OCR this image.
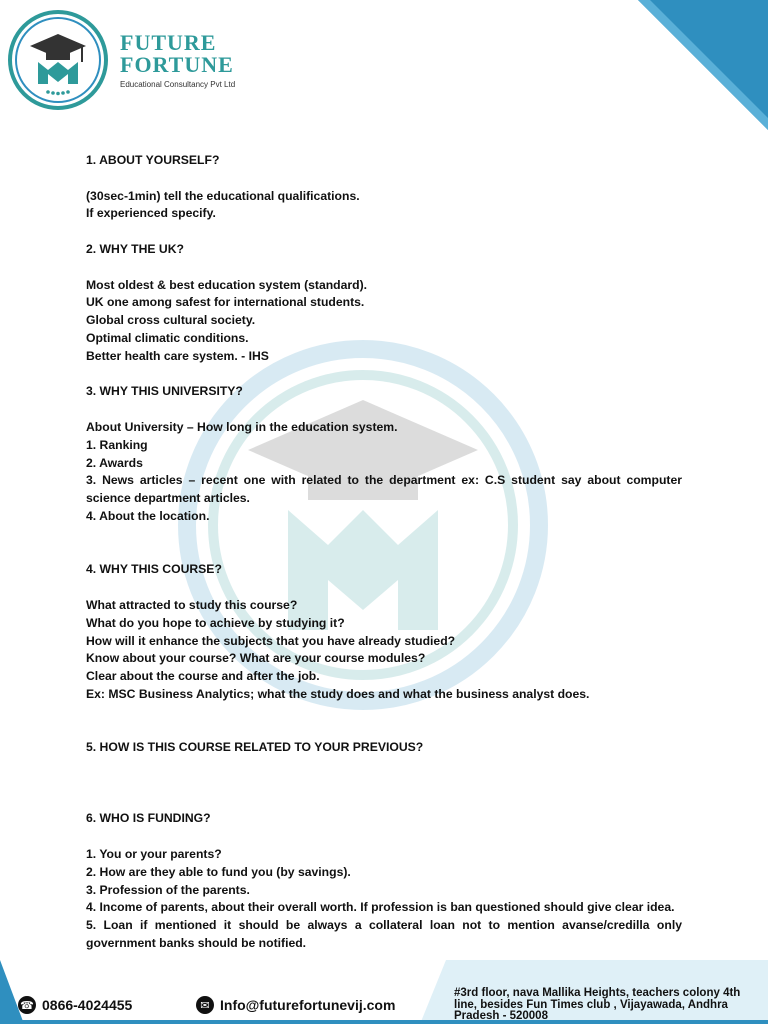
FUTURE
FORTUNE
Educational Consultancy Pvt Ltd

1. ABOUT YOURSELF?

(30sec-1min) tell the educational qualifications.

If experienced specify.

2. WHY THE UK?

Most oldest & best education system (standard).

UK one among safest for international students.

Global cross cultural society.

Optimal climatic conditions.

Better health care system. - IHS

3. WHY THIS UNIVERSITY?

About University – How long in the education system.

1. Ranking

2. Awards

3. News articles – recent one with related to the department ex: C.S student say about computer science department articles.

4. About the location.

4. WHY THIS COURSE?

What attracted to study this course?

What do you hope to achieve by studying it?

How will it enhance the subjects that you have already studied?

Know about your course? What are your course modules?

Clear about the course and after the job.

Ex: MSC Business Analytics; what the study does and what the business analyst does.

5. HOW IS THIS COURSE RELATED TO YOUR PREVIOUS?

6. WHO IS FUNDING?

1. You or your parents?

2. How are they able to fund you (by savings).

3. Profession of the parents.

4. Income of parents, about their overall worth. If profession is ban questioned should give clear idea.

5. Loan if mentioned it should be always a collateral loan not to mention avanse/credilla only government banks should be notified.

☎ 0866-4024455	✉ Info@futurefortunevij.com
#3rd floor, nava Mallika Heights, teachers colony 4th line, besides Fun Times club , Vijayawada, Andhra Pradesh - 520008
